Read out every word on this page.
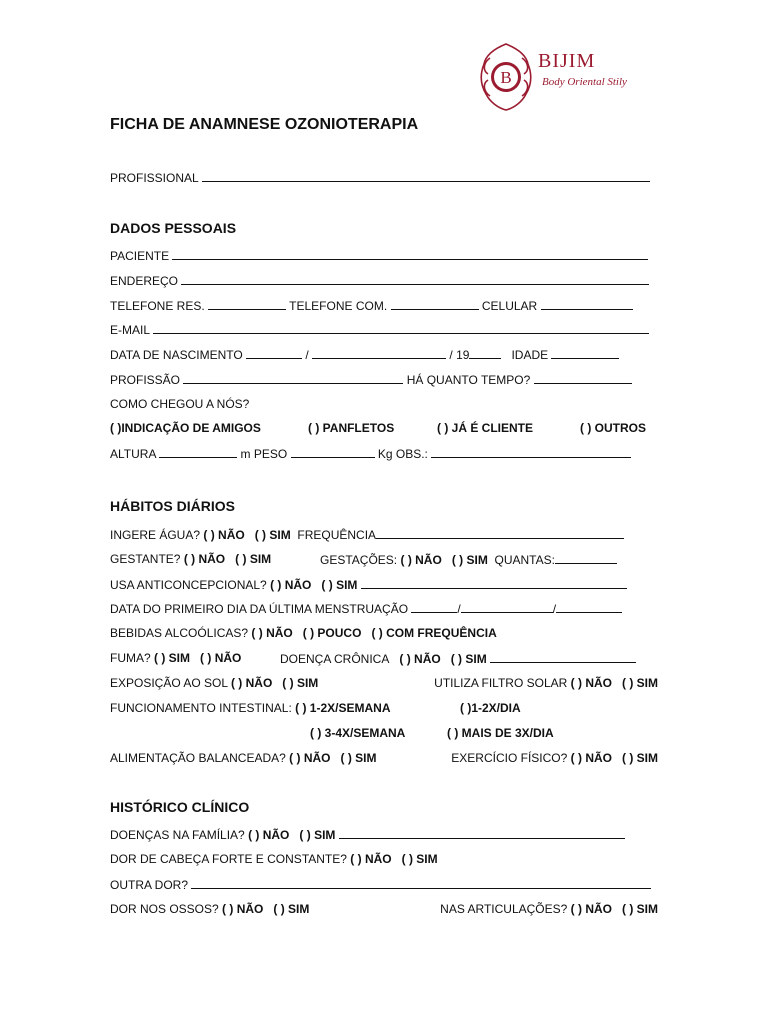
B
BIJIM
Body Oriental Stily
FICHA DE ANAMNESE OZONIOTERAPIA
PROFISSIONAL
DADOS PESSOAIS
PACIENTE
ENDEREÇO
TELEFONE RES.	TELEFONE COM.	CELULAR
E-MAIL
DATA DE NASCIMENTO	/	/ 19	IDADE
PROFISSÃO	HÁ QUANTO TEMPO?
COMO CHEGOU A NÓS?
( )INDICAÇÃO DE AMIGOS	( ) PANFLETOS	( ) JÁ É CLIENTE	( ) OUTROS
ALTURA	m PESO	Kg OBS.:
HÁBITOS DIÁRIOS
INGERE ÁGUA? ( ) NÃO ( ) SIM FREQUÊNCIA
GESTANTE? ( ) NÃO ( ) SIM	GESTAÇÕES: ( ) NÃO ( ) SIM QUANTAS:
USA ANTICONCEPCIONAL? ( ) NÃO ( ) SIM
DATA DO PRIMEIRO DIA DA ÚLTIMA MENSTRUAÇÃO	/	/
BEBIDAS ALCOÓLICAS? ( ) NÃO ( ) POUCO ( ) COM FREQUÊNCIA
FUMA? ( ) SIM ( ) NÃO	DOENÇA CRÔNICA ( ) NÃO ( ) SIM
EXPOSIÇÃO AO SOL ( ) NÃO ( ) SIM	UTILIZA FILTRO SOLAR ( ) NÃO ( ) SIM
FUNCIONAMENTO INTESTINAL: ( ) 1-2X/SEMANA	( )1-2X/DIA
( ) 3-4X/SEMANA	( ) MAIS DE 3X/DIA
ALIMENTAÇÃO BALANCEADA? ( ) NÃO ( ) SIM	EXERCÍCIO FÍSICO? ( ) NÃO ( ) SIM
HISTÓRICO CLÍNICO
DOENÇAS NA FAMÍLIA? ( ) NÃO ( ) SIM
DOR DE CABEÇA FORTE E CONSTANTE? ( ) NÃO ( ) SIM
OUTRA DOR?
DOR NOS OSSOS? ( ) NÃO ( ) SIM	NAS ARTICULAÇÕES? ( ) NÃO ( ) SIM
